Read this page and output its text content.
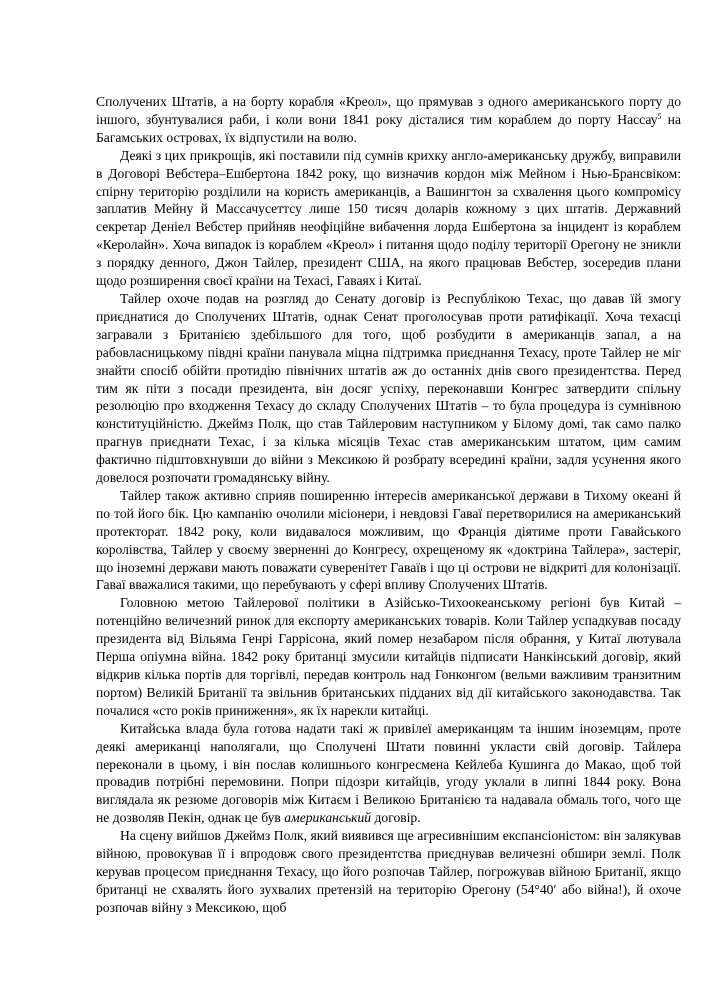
Сполучених Штатів, а на борту корабля «Креол», що прямував з одного американського порту до іншого, збунтувалися раби, і коли вони 1841 року дісталися тим кораблем до порту Нассау$^5$ на Багамських островах, їх відпустили на волю.

Деякі з цих прикрощів, які поставили під сумнів крихку англо-американську дружбу, виправили в Договорі Вебстера–Ешбертона 1842 року, що визначив кордон між Мейном і Нью-Брансвіком: спірну територію розділили на користь американців, а Вашингтон за схвалення цього компромісу заплатив Мейну й Массачусеттсу лише 150 тисяч доларів кожному з цих штатів. Державний секретар Деніел Вебстер прийняв неофіційне вибачення лорда Ешбертона за інцидент із кораблем «Керолайн». Хоча випадок із кораблем «Креол» і питання щодо поділу території Орегону не зникли з порядку денного, Джон Тайлер, президент США, на якого працював Вебстер, зосередив плани щодо розширення своєї країни на Техасі, Гаваях і Китаї.

Тайлер охоче подав на розгляд до Сенату договір із Республікою Техас, що давав їй змогу приєднатися до Сполучених Штатів, однак Сенат проголосував проти ратифікації. Хоча техасці загравали з Британією здебільшого для того, щоб розбудити в американців запал, а на рабовласницькому півдні країни панувала міцна підтримка приєднання Техасу, проте Тайлер не міг знайти спосіб обійти протидію північних штатів аж до останніх днів свого президентства. Перед тим як піти з посади президента, він досяг успіху, переконавши Конгрес затвердити спільну резолюцію про входження Техасу до складу Сполучених Штатів – то була процедура із сумнівною конституційністю. Джеймз Полк, що став Тайлеровим наступником у Білому домі, так само палко прагнув приєднати Техас, і за кілька місяців Техас став американським штатом, цим самим фактично підштовхнувши до війни з Мексикою й розбрату всередині країни, задля усунення якого довелося розпочати громадянську війну.

Тайлер також активно сприяв поширенню інтересів американської держави в Тихому океані й по той його бік. Цю кампанію очолили місіонери, і невдовзі Гаваї перетворилися на американський протекторат. 1842 року, коли видавалося можливим, що Франція діятиме проти Гавайського королівства, Тайлер у своєму зверненні до Конгресу, охрещеному як «доктрина Тайлера», застеріг, що іноземні держави мають поважати суверенітет Гаваїв і що ці острови не відкриті для колонізації. Гаваї вважалися такими, що перебувають у сфері впливу Сполучених Штатів.

Головною метою Тайлерової політики в Азійсько-Тихоокеанському регіоні був Китай – потенційно величезний ринок для експорту американських товарів. Коли Тайлер успадкував посаду президента від Вільяма Генрі Гаррісона, який помер незабаром після обрання, у Китаї лютувала Перша опіумна війна. 1842 року британці змусили китайців підписати Нанкінський договір, який відкрив кілька портів для торгівлі, передав контроль над Гонконгом (вельми важливим транзитним портом) Великій Британії та звільнив британських підданих від дії китайського законодавства. Так почалися «сто років приниження», як їх нарекли китайці.

Китайська влада була готова надати такі ж привілеї американцям та іншим іноземцям, проте деякі американці наполягали, що Сполучені Штати повинні укласти свій договір. Тайлера переконали в цьому, і він послав колишнього конгресмена Кейлеба Кушинга до Макао, щоб той провадив потрібні перемовини. Попри підозри китайців, угоду уклали в липні 1844 року. Вона виглядала як резюме договорів між Китаєм і Великою Британією та надавала обмаль того, чого ще не дозволяв Пекін, однак це був американський договір.

На сцену вийшов Джеймз Полк, який виявився ще агресивнішим експансіоністом: він залякував війною, провокував її і впродовж свого президентства приєднував величезні обшири землі. Полк керував процесом приєднання Техасу, що його розпочав Тайлер, погрожував війною Британії, якщо британці не схвалять його зухвалих претензій на територію Орегону (54°40′ або війна!), й охоче розпочав війну з Мексикою, щоб
